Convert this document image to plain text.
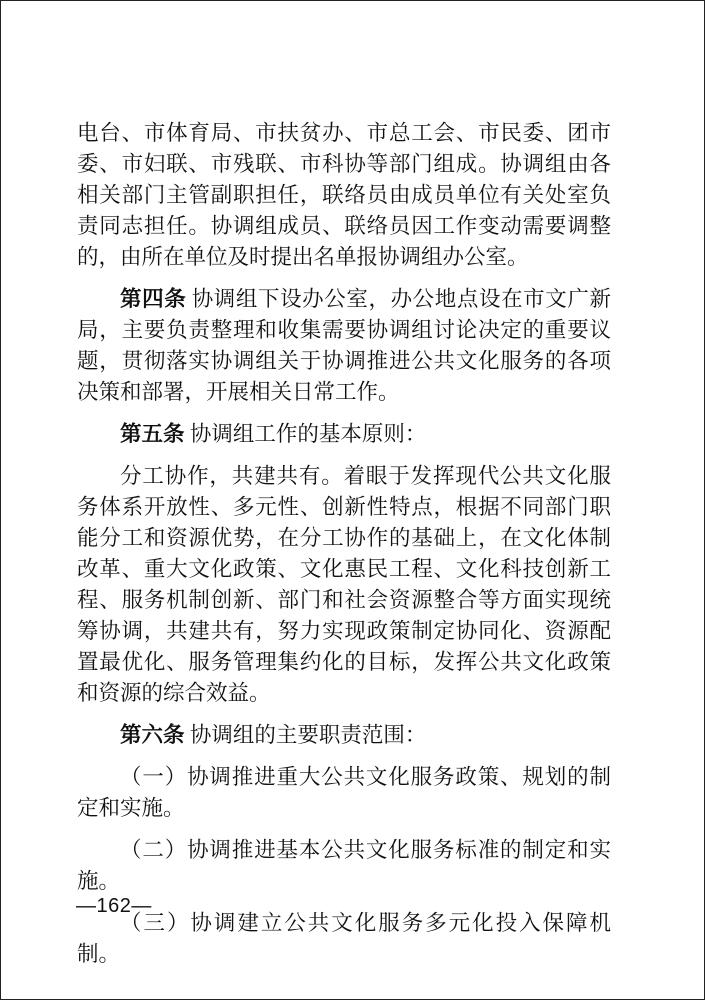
电台、市体育局、市扶贫办、市总工会、市民委、团市委、市妇联、市残联、市科协等部门组成。协调组由各相关部门主管副职担任，联络员由成员单位有关处室负责同志担任。协调组成员、联络员因工作变动需要调整的，由所在单位及时提出名单报协调组办公室。

第四条 协调组下设办公室，办公地点设在市文广新局，主要负责整理和收集需要协调组讨论决定的重要议题，贯彻落实协调组关于协调推进公共文化服务的各项决策和部署，开展相关日常工作。

第五条 协调组工作的基本原则：

分工协作，共建共有。着眼于发挥现代公共文化服务体系开放性、多元性、创新性特点，根据不同部门职能分工和资源优势，在分工协作的基础上，在文化体制改革、重大文化政策、文化惠民工程、文化科技创新工程、服务机制创新、部门和社会资源整合等方面实现统筹协调，共建共有，努力实现政策制定协同化、资源配置最优化、服务管理集约化的目标，发挥公共文化政策和资源的综合效益。

第六条 协调组的主要职责范围：

（一）协调推进重大公共文化服务政策、规划的制定和实施。

（二）协调推进基本公共文化服务标准的制定和实施。

（三）协调建立公共文化服务多元化投入保障机制。

—162—
